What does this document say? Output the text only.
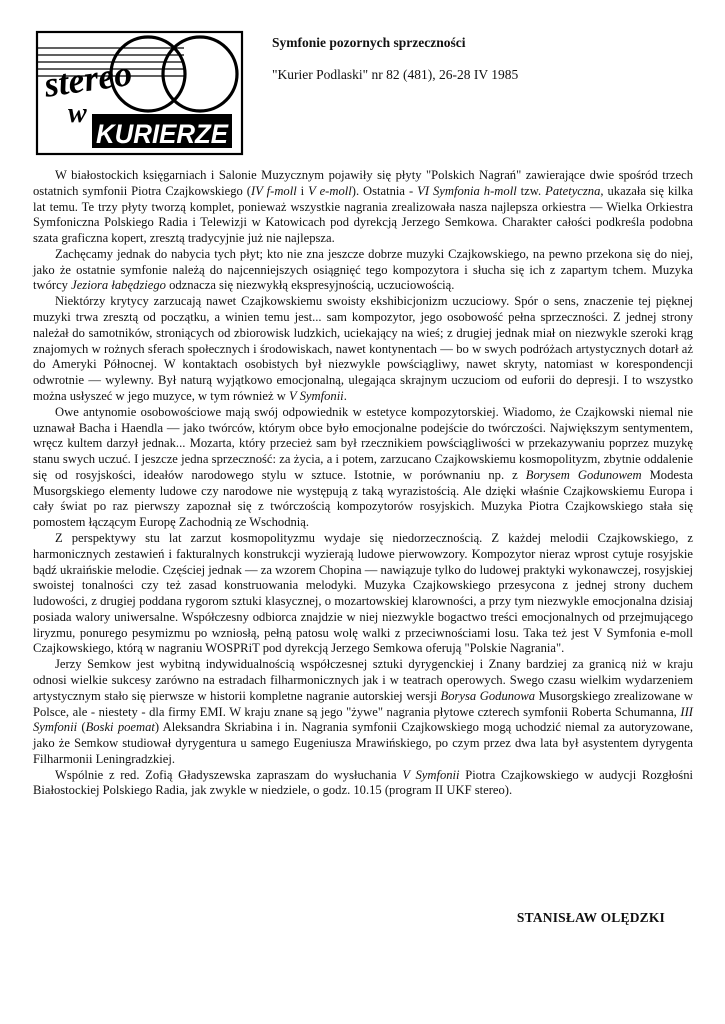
stereo
w
KURIERZE
Symfonie pozornych sprzeczności
"Kurier Podlaski" nr 82 (481), 26-28 IV 1985

W białostockich księgarniach i Salonie Muzycznym pojawiły się płyty "Polskich Nagrań" zawierające dwie spośród trzech ostatnich symfonii Piotra Czajkowskiego (IV f-moll i V e-moll). Ostatnia - VI Symfonia h-moll tzw. Patetyczna, ukazała się kilka lat temu. Te trzy płyty tworzą komplet, ponieważ wszystkie nagrania zrealizowała nasza najlepsza orkiestra — Wielka Orkiestra Symfoniczna Polskiego Radia i Telewizji w Katowicach pod dyrekcją Jerzego Semkowa. Charakter całości podkreśla podobna szata graficzna kopert, zresztą tradycyjnie już nie najlepsza.

Zachęcamy jednak do nabycia tych płyt; kto nie zna jeszcze dobrze muzyki Czajkowskiego, na pewno przekona się do niej, jako że ostatnie symfonie należą do najcenniejszych osiągnięć tego kompozytora i słucha się ich z zapartym tchem. Muzyka twórcy Jeziora łabędziego odznacza się niezwykłą ekspresyjnością, uczuciowością.

Niektórzy krytycy zarzucają nawet Czajkowskiemu swoisty ekshibicjonizm uczuciowy. Spór o sens, znaczenie tej pięknej muzyki trwa zresztą od początku, a winien temu jest... sam kompozytor, jego osobowość pełna sprzeczności. Z jednej strony należał do samotników, stroniących od zbiorowisk ludzkich, uciekający na wieś; z drugiej jednak miał on niezwykle szeroki krąg znajomych w rożnych sferach społecznych i środowiskach, nawet kontynentach — bo w swych podróżach artystycznych dotarł aż do Ameryki Północnej. W kontaktach osobistych był niezwykle powściągliwy, nawet skryty, natomiast w korespondencji odwrotnie — wylewny. Był naturą wyjątkowo emocjonalną, ulegająca skrajnym uczuciom od euforii do depresji. I to wszystko można usłyszeć w jego muzyce, w tym również w V Symfonii.

Owe antynomie osobowościowe mają swój odpowiednik w estetyce kompozytorskiej. Wiadomo, że Czajkowski niemal nie uznawał Bacha i Haendla — jako twórców, którym obce było emocjonalne podejście do twórczości. Największym sentymentem, wręcz kultem darzył jednak... Mozarta, który przecież sam był rzecznikiem powściągliwości w przekazywaniu poprzez muzykę stanu swych uczuć. I jeszcze jedna sprzeczność: za życia, a i potem, zarzucano Czajkowskiemu kosmopolityzm, zbytnie oddalenie się od rosyjskości, ideałów narodowego stylu w sztuce. Istotnie, w porównaniu np. z Borysem Godunowem Modesta Musorgskiego elementy ludowe czy narodowe nie występują z taką wyrazistością. Ale dzięki właśnie Czajkowskiemu Europa i cały świat po raz pierwszy zapoznał się z twórczością kompozytorów rosyjskich. Muzyka Piotra Czajkowskiego stała się pomostem łączącym Europę Zachodnią ze Wschodnią.

Z perspektywy stu lat zarzut kosmopolityzmu wydaje się niedorzecznością. Z każdej melodii Czajkowskiego, z harmonicznych zestawień i fakturalnych konstrukcji wyzierają ludowe pierwowzory. Kompozytor nieraz wprost cytuje rosyjskie bądź ukraińskie melodie. Częściej jednak — za wzorem Chopina — nawiązuje tylko do ludowej praktyki wykonawczej, rosyjskiej swoistej tonalności czy też zasad konstruowania melodyki. Muzyka Czajkowskiego przesycona z jednej strony duchem ludowości, z drugiej poddana rygorom sztuki klasycznej, o mozartowskiej klarowności, a przy tym niezwykle emocjonalna dzisiaj posiada walory uniwersalne. Współczesny odbiorca znajdzie w niej niezwykle bogactwo treści emocjonalnych od przejmującego liryzmu, ponurego pesymizmu po wzniosłą, pełną patosu wolę walki z przeciwnościami losu. Taka też jest V Symfonia e-moll Czajkowskiego, którą w nagraniu WOSPRiT pod dyrekcją Jerzego Semkowa oferują "Polskie Nagrania".

Jerzy Semkow jest wybitną indywidualnością współczesnej sztuki dyrygenckiej i Znany bardziej za granicą niż w kraju odnosi wielkie sukcesy zarówno na estradach filharmonicznych jak i w teatrach operowych. Swego czasu wielkim wydarzeniem artystycznym stało się pierwsze w historii kompletne nagranie autorskiej wersji Borysa Godunowa Musorgskiego zrealizowane w Polsce, ale - niestety - dla firmy EMI. W kraju znane są jego "żywe" nagrania płytowe czterech symfonii Roberta Schumanna, III Symfonii (Boski poemat) Aleksandra Skriabina i in. Nagrania symfonii Czajkowskiego mogą uchodzić niemal za autoryzowane, jako że Semkow studiował dyrygentura u samego Eugeniusza Mrawińskiego, po czym przez dwa lata był asystentem dyrygenta Filharmonii Leningradzkiej.

Wspólnie z red. Zofią Gładyszewska zapraszam do wysłuchania V Symfonii Piotra Czajkowskiego w audycji Rozgłośni Białostockiej Polskiego Radia, jak zwykle w niedziele, o godz. 10.15 (program II UKF stereo).

STANISŁAW OLĘDZKI
